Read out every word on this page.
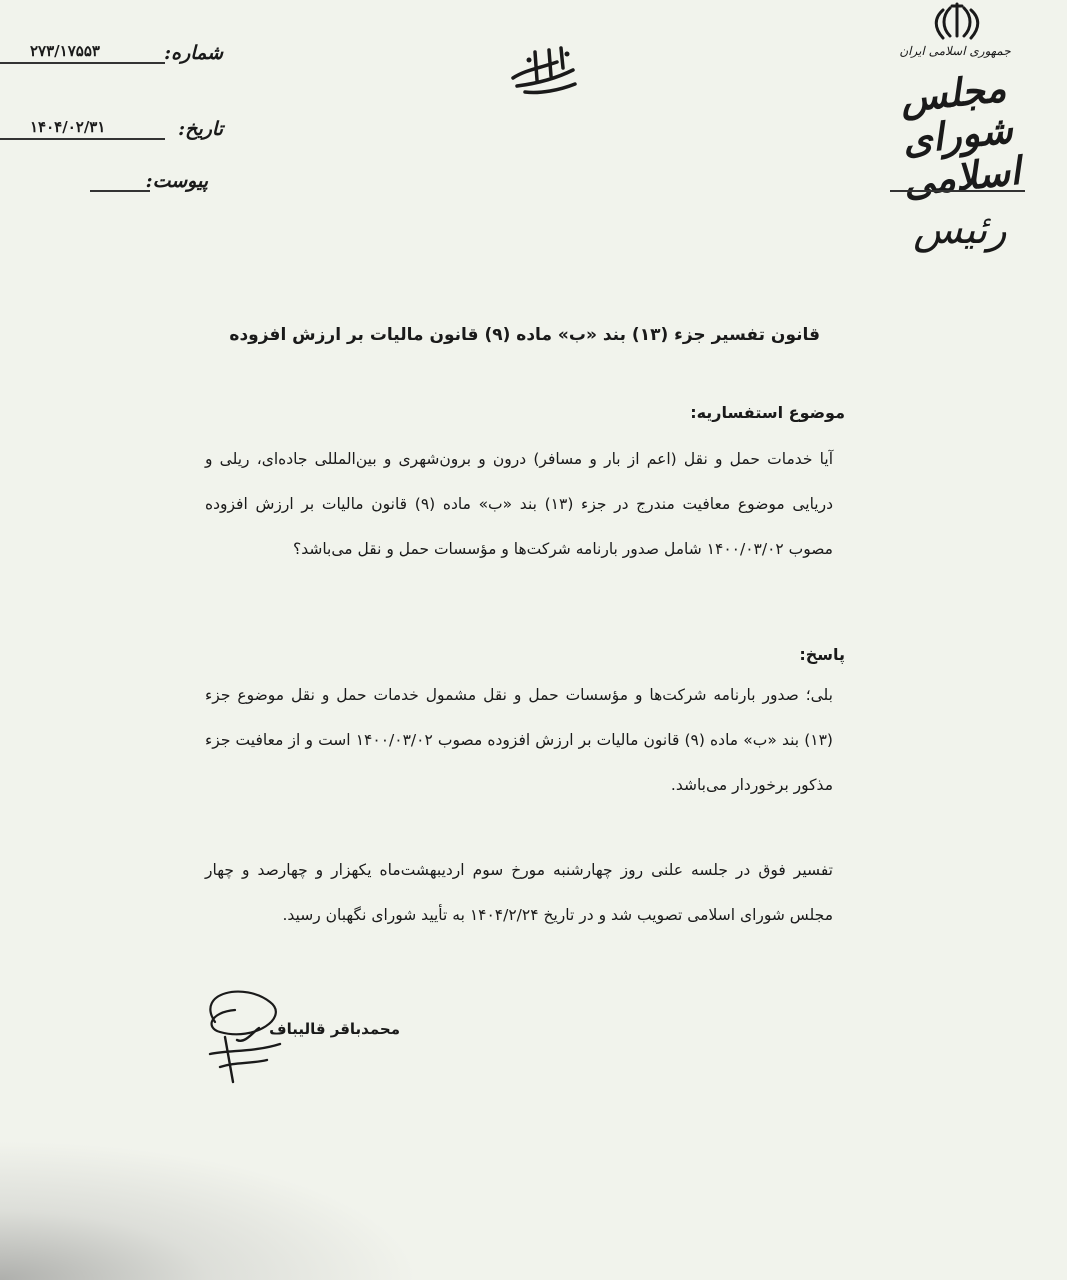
شماره:
۲۷۳/۱۷۵۵۳
تاریخ:
۱۴۰۴/۰۲/۳۱
پیوست:
جمهوری اسلامی ایران
مجلس شورای اسلامی
رئیس
قانون تفسیر جزء (۱۳) بند «ب» ماده (۹) قانون مالیات بر ارزش افزوده
موضوع استفساریه:
آیا خدمات حمل و نقل (اعم از بار و مسافر) درون و برون‌شهری و بین‌المللی جاده‌ای، ریلی و دریایی موضوع معافیت مندرج در جزء (۱۳) بند «ب» ماده (۹) قانون مالیات بر ارزش افزوده مصوب ۱۴۰۰/۰۳/۰۲ شامل صدور بارنامه شرکت‌ها و مؤسسات حمل و نقل می‌باشد؟
پاسخ:
بلی؛ صدور بارنامه شرکت‌ها و مؤسسات حمل و نقل مشمول خدمات حمل و نقل موضوع جزء (۱۳) بند «ب» ماده (۹) قانون مالیات بر ارزش افزوده مصوب ۱۴۰۰/۰۳/۰۲ است و از معافیت جزء مذکور برخوردار می‌باشد.
تفسیر فوق در جلسه علنی روز چهارشنبه مورخ سوم اردیبهشت‌ماه یکهزار و چهارصد و چهار مجلس شورای اسلامی تصویب شد و در تاریخ ۱۴۰۴/۲/۲۴ به تأیید شورای نگهبان رسید.
محمدباقر قالیباف
